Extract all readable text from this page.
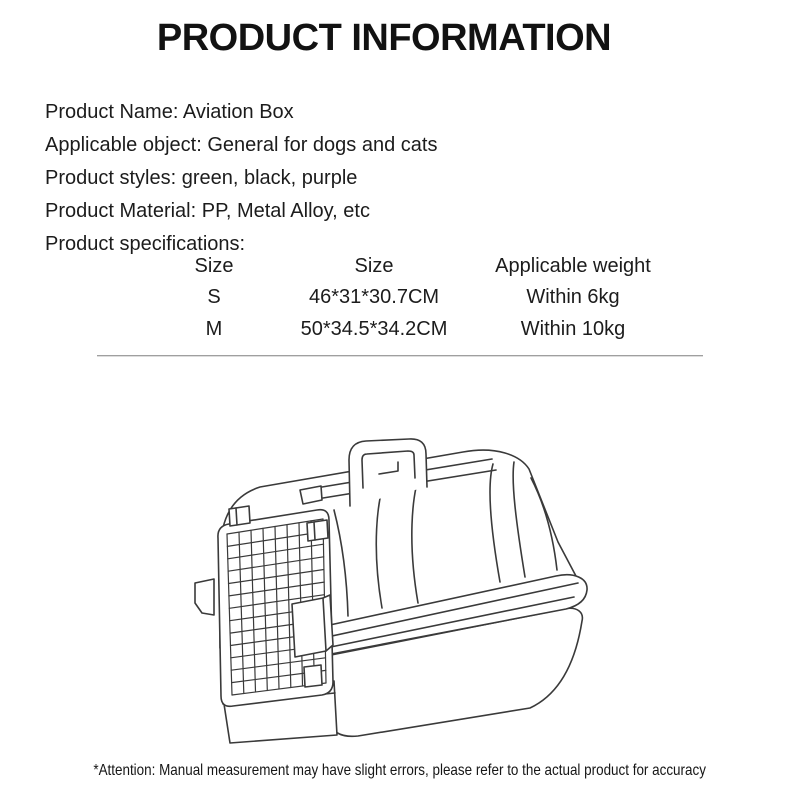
PRODUCT INFORMATION
Product Name: Aviation Box
Applicable object: General for dogs and cats
Product styles: green, black, purple
Product Material: PP, Metal Alloy, etc
Product specifications:
Size	Size	Applicable weight
S	46*31*30.7CM	Within 6kg
M	50*34.5*34.2CM	Within 10kg
*Attention: Manual measurement may have slight errors, please refer to the actual product for accuracy
